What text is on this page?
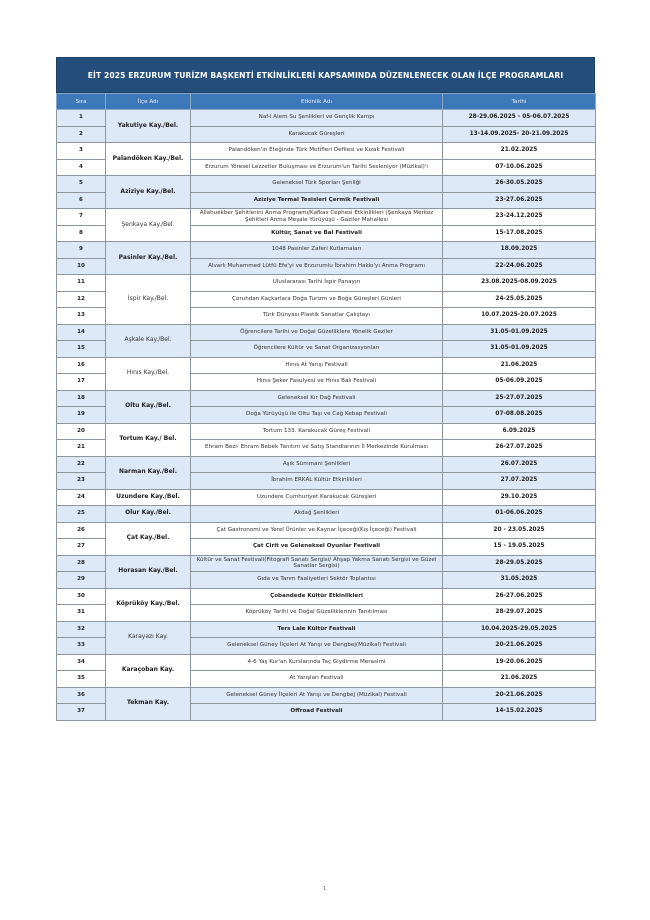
EİT 2025 ERZURUM TURİZM BAŞKENTİ ETKİNLİKLERİ KAPSAMINDA DÜZENLENECEK OLAN İLÇE PROGRAMLARI
Sıra	İlçe Adı	Etkinlik Adı	Tarihi
1	Yakutiye Kay./Bel.	Naf-i Alem Su Şenlikleri ve Gençlik Kampı	28-29.06.2025 - 05-06.07.2025
2		Karakucak Güreşleri	13-14.09.2025- 20-21.09.2025
3	Palandöken Kay./Bel.	Palandöken'in Eteğinde Türk Motifleri Defilesi ve Kızak Festivali	21.02.2025
4		Erzurum Yöresel Lezzetler Buluşması ve Erzurum'un Tarihi Sesleniyor (Müzikal)'i	07-10.06.2025
5	Aziziye Kay./Bel.	Geleneksel Türk Sporları Şenliği	26-30.05.2025
6		Aziziye Termal Tesisleri Çermik Festivali	23-27.06.2025
7	Şenkaya Kay./Bel.	Allahuekber Şehitlerini Anma Programı/Kafkas Cephesi Etkinlikleri (Şenkaya Merkez Şehitleri Anma Meşale Yürüyüşü - Gaziler Mahallesi	23-24.12.2025
8		Kültür, Sanat ve Bal Festivali	15-17.08.2025
9	Pasinler Kay./Bel.	1048 Pasinler Zaferi Kutlamaları	18.09.2025
10		Alvarlı Muhammed Lütfü Efe'yi ve Erzurumlu İbrahim Hakkı'yı Anma Programı	22-24.06.2025
11	İspir Kay./Bel.	Uluslararası Tarihi İspir Panayırı	23.08.2025-08.09.2025
12		Çoruhdan Kaçkarlara Doğa Turizm ve Boğa Güreşleri Günleri	24-25.05.2025
13		Türk Dünyası Plastik Sanatlar Çalıştayı	10.07.2025-20.07.2025
14	Aşkale Kay./Bel.	Öğrencilere Tarihi ve Doğal Güzelliklere Yönelik Geziler	31.05-01.09.2025
15		Öğrencilere Kültür ve Sanat Organizasyonları	31.05-01.09.2025
16	Hınıs Kay./Bel.	Hınıs At Yarışı Festivali	21.06.2025
17		Hınıs Şeker Fasulyesi ve Hınıs Balı Festivali	05-06.09.2025
18	Oltu Kay./Bel.	Geleneksel Kır Dağ Festivali	25-27.07.2025
19		Doğa Yürüyüşü ile Oltu Taşı ve Cağ Kebap Festivali	07-08.08.2025
20	Tortum Kay./ Bel.	Tortum 133. Karakucak Güreş Festivali	6.09.2025
21		Ehram Bezi- Ehram Bebek Tanıtım ve Satış Standlarının İl Merkezinde Kurulması	26-27.07.2025
22	Narman Kay./Bel.	Aşık Sümmani Şenlikleri	26.07.2025
23		İbrahim ERKAL Kültür Etkinlikleri	27.07.2025
24	Uzundere Kay./Bel.	Uzundere Cumhuriyet Karakucak Güreşleri	29.10.2025
25	Olur Kay./Bel.	Akdağ Şenlikleri	01-06.06.2025
26	Çat Kay./Bel.	Çat Gastronomi ve Yerel Ürünler ve Kaynar İçeceği(Kış İçeceği) Festivali	20 - 23.05.2025
27		Çat Cirit ve Geleneksel Oyunlar Festivali	15 - 19.05.2025
28	Horasan Kay./Bel.	Kültür ve Sanat Festivali(Fitografi Sanatı Sergisi/ Ahşap Yakma Sanatı Sergisi ve Güzel Sanatlar Sergisi)	28-29.05.2025
29		Gıda ve Tarım Faaliyetleri Sektör Toplantısı	31.05.2025
30	Köprüköy Kay./Bel.	Çobandede Kültür Etkinlikleri	26-27.06.2025
31		Köprüköy Tarihi ve Doğal Güzelliklerinin Tanıtılması	28-29.07.2025
32	Karayazı Kay.	Ters Lale Kültür Festivali	10.04.2025-29.05.2025
33		Geleneksel Güney İlçeleri At Yarışı ve Dengbej(Müzikal) Festivali	20-21.06.2025
34	Karaçoban Kay.	4-6 Yaş Kur'an Kurslarında Taç Giydirme Merasimi	19-20.06.2025
35		At Yarışları Festivali	21.06.2025
36	Tekman Kay.	Geleneksel Güney İlçeleri At Yarışı ve Dengbej (Müzikal) Festivali	20-21.06.2025
37		Offroad Festivali	14-15.02.2025
1
